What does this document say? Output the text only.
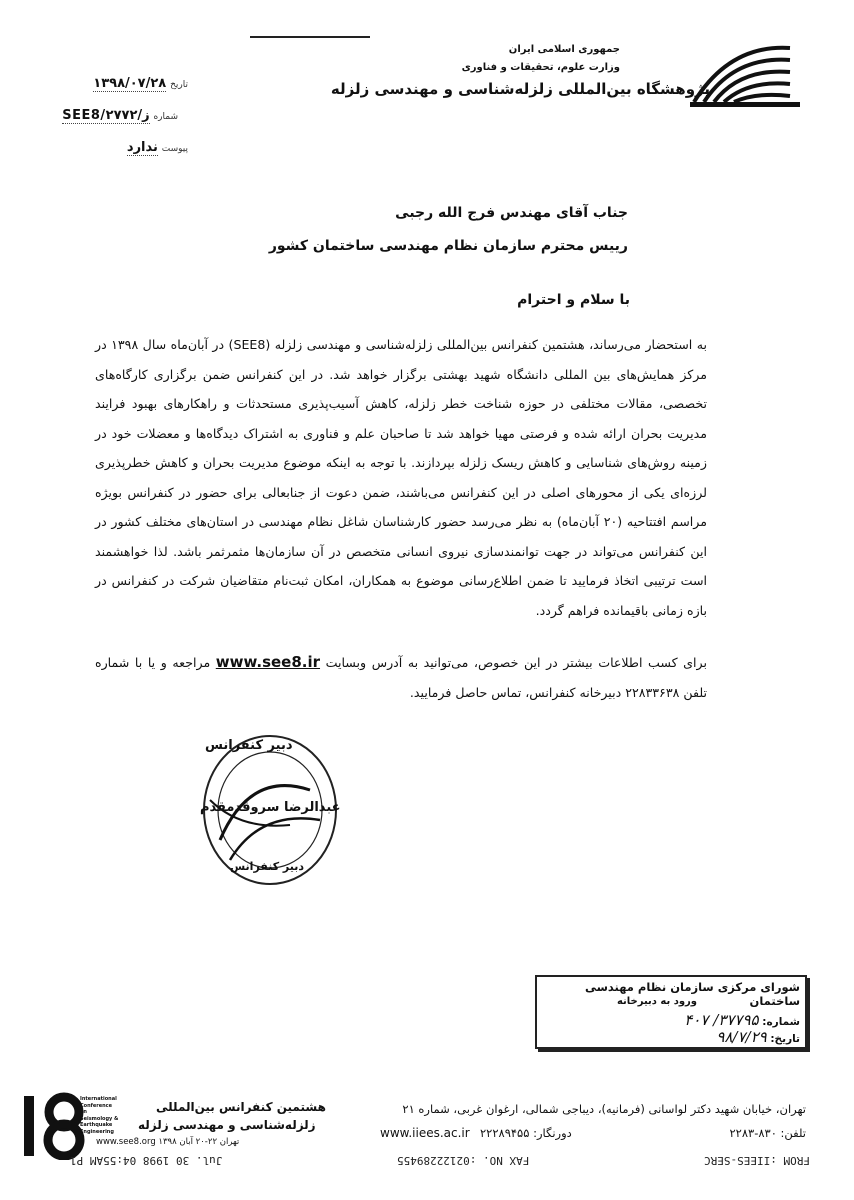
جمهوری اسلامی ایران
وزارت علوم، تحقیقات و فناوری
پژوهشگاه بین‌المللی زلزله‌شناسی و مهندسی زلزله
تاریخ ۱۳۹۸/۰۷/۲۸
شماره ز/SEE8/۲۷۷۲
پیوست ندارد
جناب آقای مهندس فرج الله رجبی
رییس محترم سازمان نظام مهندسی ساختمان کشور
با سلام و احترام
به استحضار می‌رساند، هشتمین کنفرانس بین‌المللی زلزله‌شناسی و مهندسی زلزله (SEE8) در آبان‌ماه سال ۱۳۹۸ در مرکز همایش‌های بین المللی دانشگاه شهید بهشتی برگزار خواهد شد. در این کنفرانس ضمن برگزاری کارگاه‌های تخصصی، مقالات مختلفی در حوزه شناخت خطر زلزله، کاهش آسیب‌پذیری مستحدثات و راهکارهای بهبود فرایند مدیریت بحران ارائه شده و فرصتی مهیا خواهد شد تا صاحبان علم و فناوری به اشتراک دیدگاه‌ها و معضلات خود در زمینه روش‌های شناسایی و کاهش ریسک زلزله بپردازند. با توجه به اینکه موضوع مدیریت بحران و کاهش خطرپذیری لرزه‌ای یکی از محورهای اصلی در این کنفرانس می‌باشند، ضمن دعوت از جنابعالی برای حضور در کنفرانس بویژه مراسم افتتاحیه (۲۰ آبان‌ماه) به نظر می‌رسد حضور کارشناسان شاغل نظام مهندسی در استان‌های مختلف کشور در این کنفرانس می‌تواند در جهت توانمندسازی نیروی انسانی متخصص در آن سازمان‌ها مثمرثمر باشد. لذا خواهشمند است ترتیبی اتخاذ فرمایید تا ضمن اطلاع‌رسانی موضوع به همکاران، امکان ثبت‌نام متقاضیان شرکت در کنفرانس در بازه زمانی باقیمانده فراهم گردد.
برای کسب اطلاعات بیشتر در این خصوص، می‌توانید به آدرس وبسایت www.see8.ir مراجعه و یا با شماره تلفن ۲۲۸۳۳۶۳۸ دبیرخانه کنفرانس، تماس حاصل فرمایید.
دبیر کنفرانس
عبدالرضا سروقدمقدم
دبیر کنفرانس
شورای مرکزی سازمان نظام مهندسی ساختمان
ورود به دبیرخانه
شماره: ۳۷۷۹۵/ ۴۰۷
تاریخ: ۹۸/۷/۲۹
تهران، خیابان شهید دکتر لواسانی (فرمانیه)، دیباجی شمالی، ارغوان غربی، شماره ۲۱
www.iiees.ac.ir دورنگار: ۲۲۲۸۹۴۵۵	تلفن: ۸۳۰-۲۲۸۳
هشتمین کنفرانس بین‌المللی
زلزله‌شناسی و مهندسی زلزله
www.see8.org تهران ۲۲-۲۰ آبان ۱۳۹۸
International Conference on Seismology & Earthquake Engineering
FROM :IIEES-SERC
FAX NO. :02122289455
Jul. 30 1998 04:55AM P1
